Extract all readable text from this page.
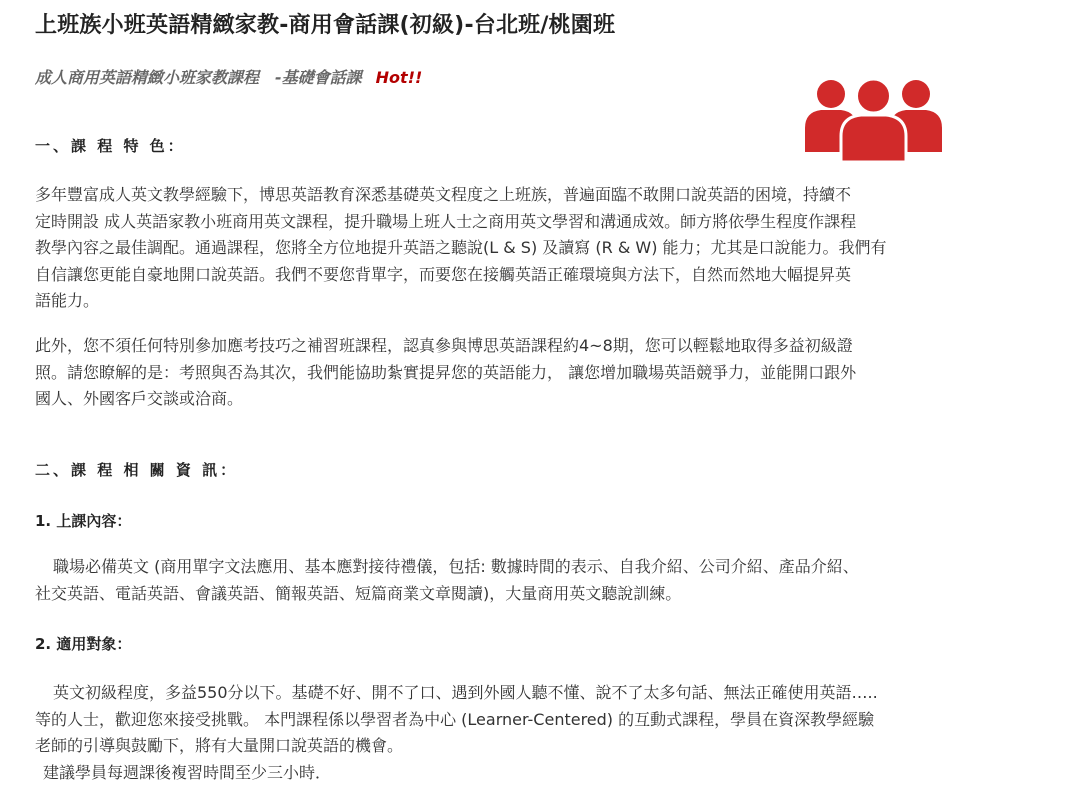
上班族小班英語精緻家教-商用會話課(初級)-台北班/桃園班
成人商用英語精緻小班家教課程　-基礎會話課 Hot!!
一、課 程 特 色：
多年豐富成人英文教學經驗下，博思英語教育深悉基礎英文程度之上班族，普遍面臨不敢開口說英語的困境，持續不
定時開設 成人英語家教小班商用英文課程，提升職場上班人士之商用英文學習和溝通成效。師方將依學生程度作課程
教學內容之最佳調配。通過課程，您將全方位地提升英語之聽說(L & S) 及讀寫 (R & W) 能力；尤其是口說能力。我們有
自信讓您更能自豪地開口說英語。我們不要您背單字，而要您在接觸英語正確環境與方法下，自然而然地大幅提昇英
語能力。
此外，您不須任何特別參加應考技巧之補習班課程，認真參與博思英語課程約4~8期，您可以輕鬆地取得多益初級證
照。請您瞭解的是：考照與否為其次，我們能協助紮實提昇您的英語能力， 讓您增加職場英語競爭力，並能開口跟外
國人、外國客戶交談或洽商。
二、課 程 相 關 資 訊：
1. 上課內容：
職場必備英文 (商用單字文法應用、基本應對接待禮儀，包括: 數據時間的表示、自我介紹、公司介紹、產品介紹、
社交英語、電話英語、會議英語、簡報英語、短篇商業文章閱讀)，大量商用英文聽說訓練。
2. 適用對象：
英文初級程度，多益550分以下。基礎不好、開不了口、遇到外國人聽不懂、說不了太多句話、無法正確使用英語…..
等的人士，歡迎您來接受挑戰。 本門課程係以學習者為中心 (Learner-Centered) 的互動式課程，學員在資深教學經驗
老師的引導與鼓勵下，將有大量開口說英語的機會。
建議學員每週課後複習時間至少三小時．
